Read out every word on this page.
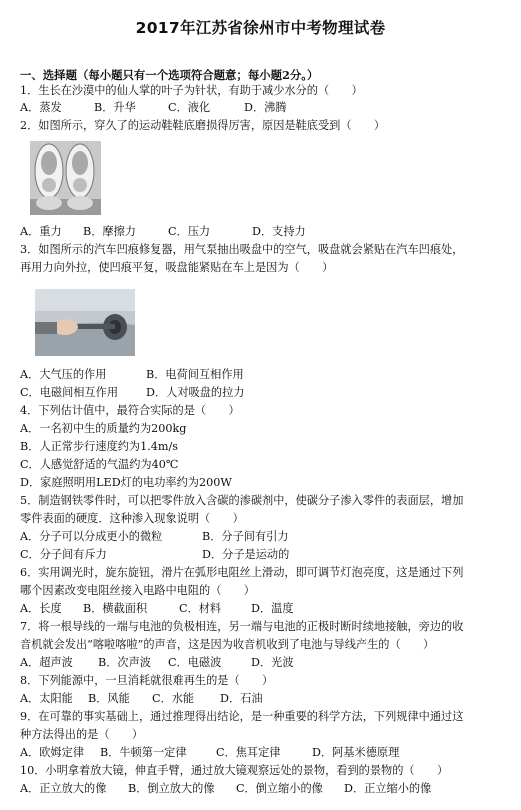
2017年江苏省徐州市中考物理试卷
一、选择题（每小题只有一个选项符合题意；每小题2分。）
1．生长在沙漠中的仙人掌的叶子为针状，有助于减少水分的（　　）
A．蒸发	B．升华	C．液化	D．沸腾
2．如图所示，穿久了的运动鞋鞋底磨损得厉害，原因是鞋底受到（　　）
A．重力 B．摩擦力	C．压力	D．支持力
3．如图所示的汽车凹痕修复器，用气泵抽出吸盘中的空气，吸盘就会紧贴在汽车凹痕处，
再用力向外拉，使凹痕平复，吸盘能紧贴在车上是因为（　　）
A．大气压的作用	B．电荷间互相作用
C．电磁间相互作用 D．人对吸盘的拉力
4．下列估计值中，最符合实际的是（　　）
A．一名初中生的质量约为200kg
B．人正常步行速度约为1.4m/s
C．人感觉舒适的气温约为40℃
D．家庭照明用LED灯的电功率约为200W
5．制造钢铁零件时，可以把零件放入含碳的渗碳剂中，使碳分子渗入零件的表面层，增加
零件表面的硬度．这种渗入现象说明（　　）
A．分子可以分成更小的微粒	B．分子间有引力
C．分子间有斥力	D．分子是运动的
6．实用调光时，旋东旋钮，滑片在弧形电阻丝上滑动，即可调节灯泡亮度，这是通过下列
哪个因素改变电阻丝接入电路中电阻的（　　）
A．长度 B．横截面积	C．材料	D．温度
7．将一根导线的一端与电池的负极相连，另一端与电池的正极时断时续地接触，旁边的收
音机就会发出“喀啦喀啦”的声音，这是因为收音机收到了电池与导线产生的（　　）
A．超声波 B．次声波 C．电磁波	D．光波
8．下列能源中，一旦消耗就很难再生的是（　　）
A．太阳能 B．风能 C．水能 D．石油
9．在可靠的事实基础上，通过推理得出结论，是一种重要的科学方法，下列规律中通过这
种方法得出的是（　　）
A．欧姆定律 B．牛顿第一定律	C．焦耳定律	D．阿基米德原理
10．小明拿着放大镜，伸直手臂，通过放大镜观察远处的景物，看到的景物的（　　）
A．正立放大的像 B．倒立放大的像 C．倒立缩小的像 D．正立缩小的像
